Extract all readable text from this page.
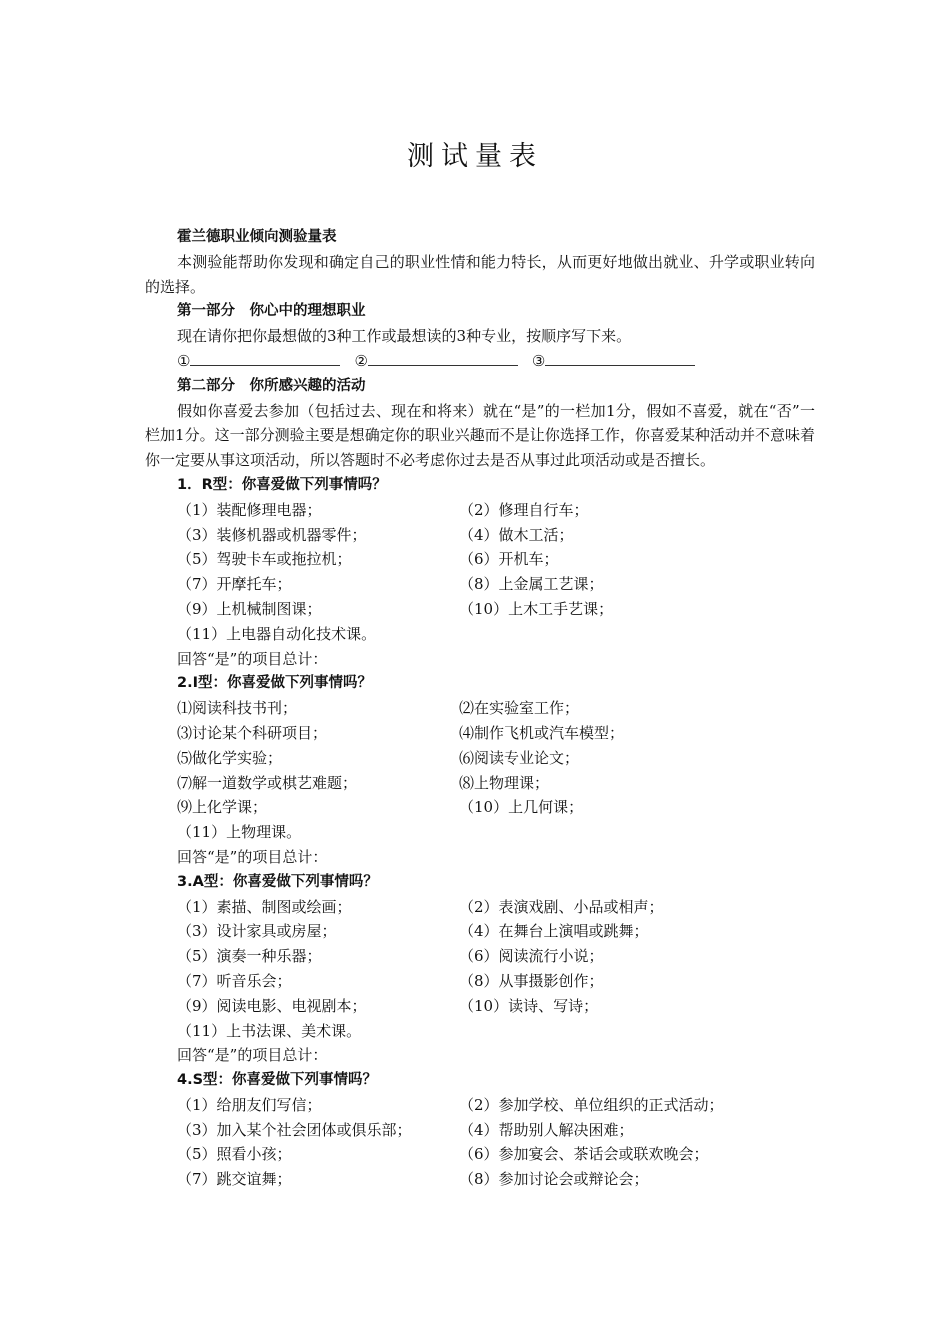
测试量表
霍兰德职业倾向测验量表

本测验能帮助你发现和确定自己的职业性情和能力特长，从而更好地做出就业、升学或职业转向的选择。

第一部分　你心中的理想职业
现在请你把你最想做的3种工作或最想读的3种专业，按顺序写下来。
①	②	③
第二部分　你所感兴趣的活动

假如你喜爱去参加（包括过去、现在和将来）就在“是”的一栏加1分，假如不喜爱，就在“否”一栏加1分。这一部分测验主要是想确定你的职业兴趣而不是让你选择工作，你喜爱某种活动并不意味着你一定要从事这项活动，所以答题时不必考虑你过去是否从事过此项活动或是否擅长。

1．R型：你喜爱做下列事情吗？
（1）装配修理电器；	（2）修理自行车；
（3）装修机器或机器零件；	（4）做木工活；
（5）驾驶卡车或拖拉机；	（6）开机车；
（7）开摩托车；	（8）上金属工艺课；
（9）上机械制图课；	（10）上木工手艺课；
（11）上电器自动化技术课。
回答“是”的项目总计：
2.I型：你喜爱做下列事情吗？
⑴阅读科技书刊；	⑵在实验室工作；
⑶讨论某个科研项目；	⑷制作飞机或汽车模型；
⑸做化学实验；	⑹阅读专业论文；
⑺解一道数学或棋艺难题；	⑻上物理课；
⑼上化学课；	（10）上几何课；
（11）上物理课。
回答“是”的项目总计：
3.A型：你喜爱做下列事情吗？
（1）素描、制图或绘画；	（2）表演戏剧、小品或相声；
（3）设计家具或房屋；	（4）在舞台上演唱或跳舞；
（5）演奏一种乐器；	（6）阅读流行小说；
（7）听音乐会；	（8）从事摄影创作；
（9）阅读电影、电视剧本；	（10）读诗、写诗；
（11）上书法课、美术课。
回答“是”的项目总计：
4.S型：你喜爱做下列事情吗？
（1）给朋友们写信；	（2）参加学校、单位组织的正式活动；
（3）加入某个社会团体或俱乐部；	（4）帮助别人解决困难；
（5）照看小孩；	（6）参加宴会、茶话会或联欢晚会；
（7）跳交谊舞；	（8）参加讨论会或辩论会；
